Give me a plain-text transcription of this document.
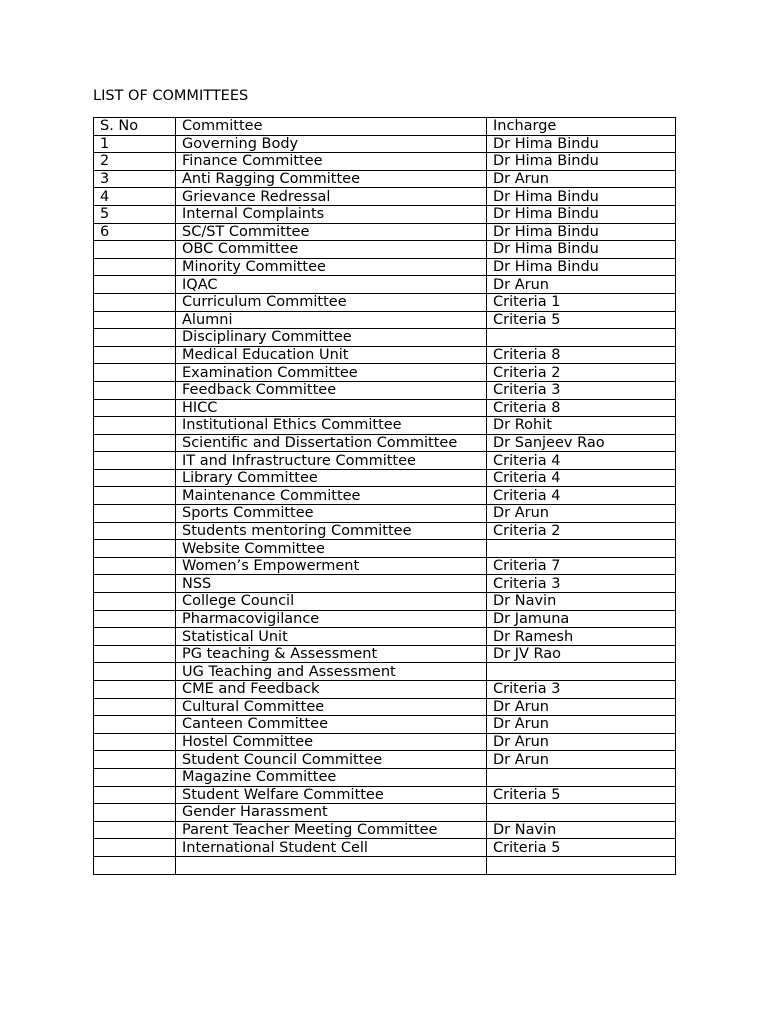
LIST OF COMMITTEES
S. No	Committee	Incharge
1	Governing Body	Dr Hima Bindu
2	Finance Committee	Dr Hima Bindu
3	Anti Ragging Committee	Dr Arun
4	Grievance Redressal	Dr Hima Bindu
5	Internal Complaints	Dr Hima Bindu
6	SC/ST Committee	Dr Hima Bindu
	OBC Committee	Dr Hima Bindu
	Minority Committee	Dr Hima Bindu
	IQAC	Dr Arun
	Curriculum Committee	Criteria 1
	Alumni	Criteria 5
	Disciplinary Committee	
	Medical Education Unit	Criteria 8
	Examination Committee	Criteria 2
	Feedback Committee	Criteria 3
	HICC	Criteria 8
	Institutional Ethics Committee	Dr Rohit
	Scientific and Dissertation Committee	Dr Sanjeev Rao
	IT and Infrastructure Committee	Criteria 4
	Library Committee	Criteria 4
	Maintenance Committee	Criteria 4
	Sports Committee	Dr Arun
	Students mentoring Committee	Criteria 2
	Website Committee	
	Women’s Empowerment	Criteria 7
	NSS	Criteria 3
	College Council	Dr Navin
	Pharmacovigilance	Dr Jamuna
	Statistical Unit	Dr Ramesh
	PG teaching & Assessment	Dr JV Rao
	UG Teaching and Assessment	
	CME and Feedback	Criteria 3
	Cultural Committee	Dr Arun
	Canteen Committee	Dr Arun
	Hostel Committee	Dr Arun
	Student Council Committee	Dr Arun
	Magazine Committee	
	Student Welfare Committee	Criteria 5
	Gender Harassment	
	Parent Teacher Meeting Committee	Dr Navin
	International Student Cell	Criteria 5
